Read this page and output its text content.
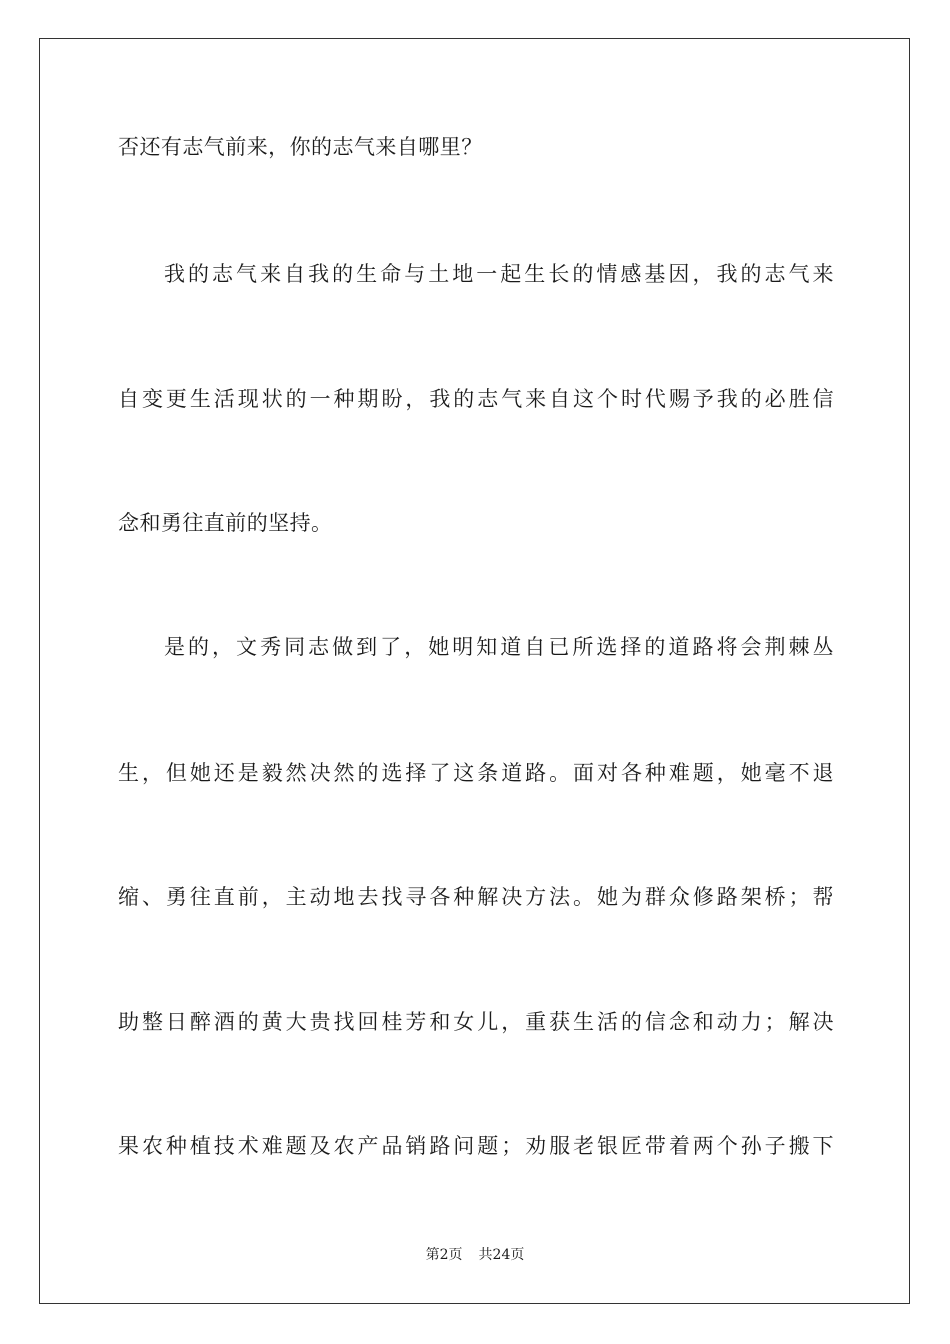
否还有志气前来，你的志气来自哪里？
我的志气来自我的生命与土地一起生长的情感基因，我的志气来
自变更生活现状的一种期盼，我的志气来自这个时代赐予我的必胜信
念和勇往直前的坚持。
是的，文秀同志做到了，她明知道自已所选择的道路将会荆棘丛
生，但她还是毅然决然的选择了这条道路。面对各种难题，她毫不退
缩、勇往直前，主动地去找寻各种解决方法。她为群众修路架桥；帮
助整日醉酒的黄大贵找回桂芳和女儿，重获生活的信念和动力；解决
果农种植技术难题及农产品销路问题；劝服老银匠带着两个孙子搬下
第2页 共24页
